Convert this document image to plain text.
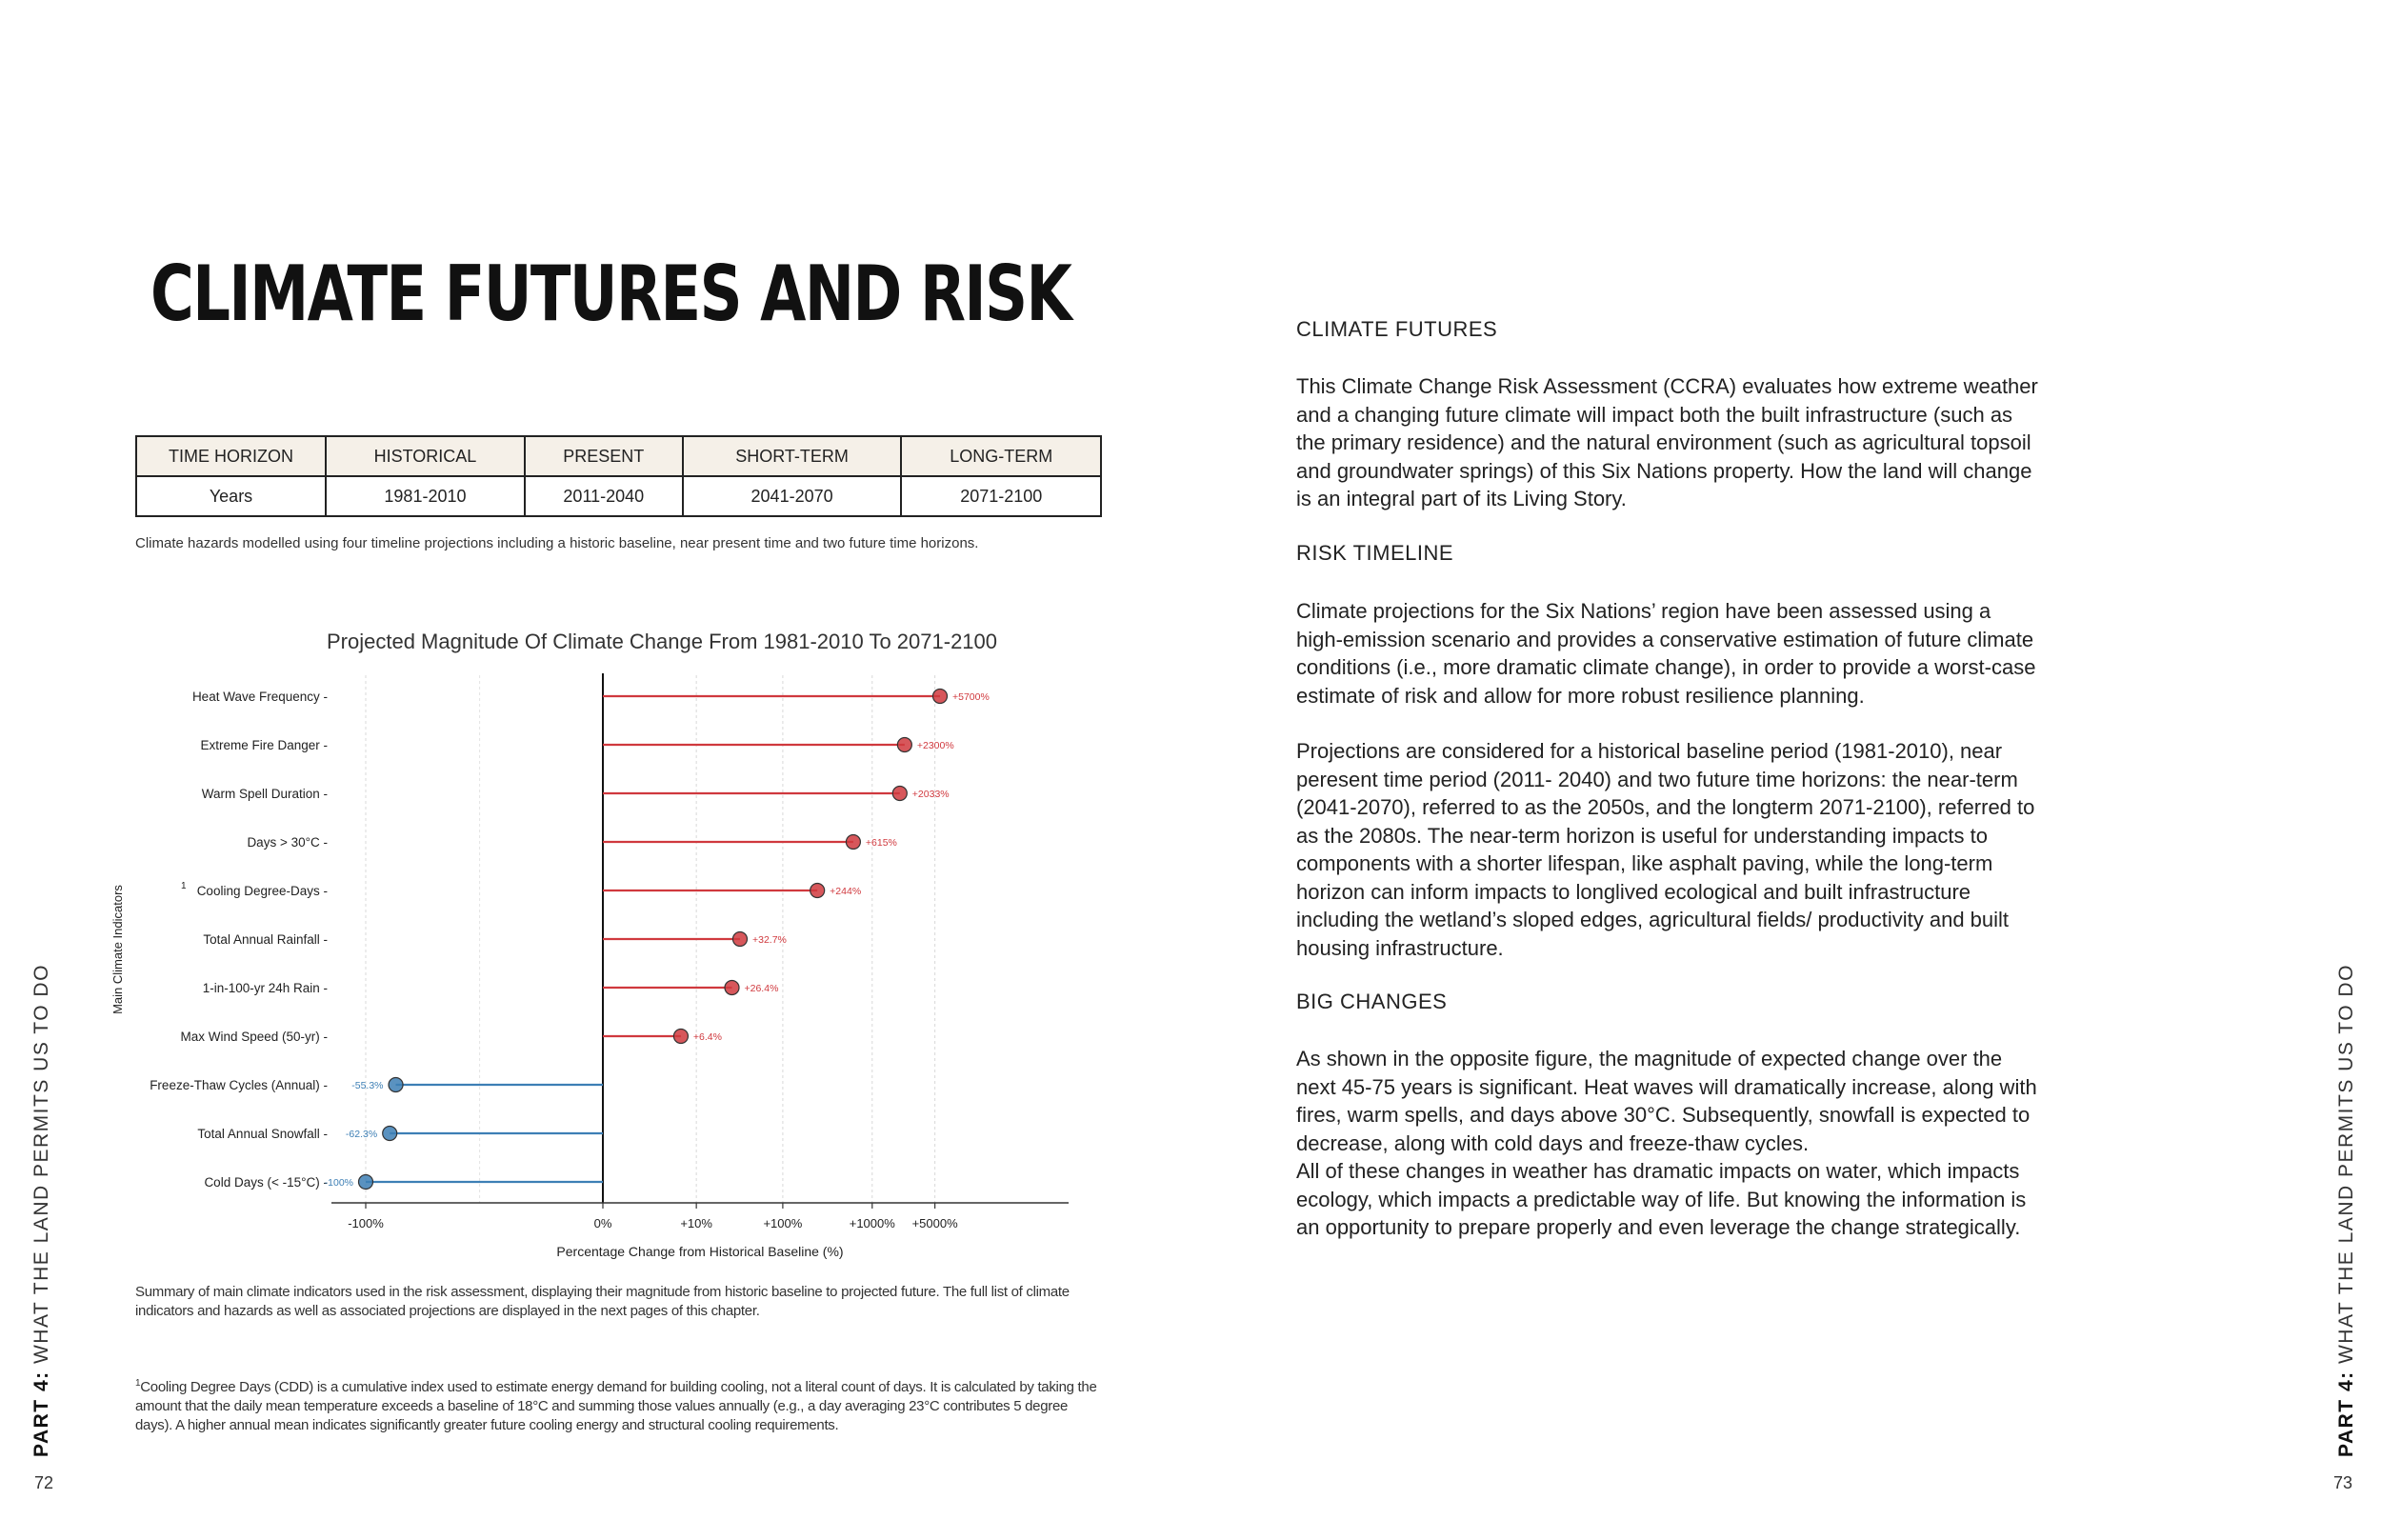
PART 4: WHAT THE LAND PERMITS US TO DO
72
CLIMATE FUTURES AND RISK
TIME HORIZON	HISTORICAL	PRESENT	SHORT-TERM	LONG-TERM
Years	1981-2010	2011-2040	2041-2070	2071-2100
Climate hazards modelled using four timeline projections including a historic baseline, near present time and two future time horizons.
Projected Magnitude Of Climate Change From 1981-2010 To 2071-2100
-100%	0%	+10%	+100%	+1000% +5000%
Percentage Change from Historical Baseline (%)
Main Climate Indicators
Heat Wave Frequency -	+5700%
Extreme Fire Danger -	+2300%
Warm Spell Duration -	+2033%
Days > 30°C -	+615%
Cooling Degree-Days -
1	+244%
Total Annual Rainfall -	+32.7%
1-in-100-yr 24h Rain -	+26.4%
Max Wind Speed (50-yr) -	+6.4%
Freeze-Thaw Cycles (Annual) - -55.3%
Total Annual Snowfall - -62.3%
Cold Days (< -15°C) -
-100%
Summary of main climate indicators used in the risk assessment, displaying their magnitude from historic baseline to projected future. The full list of climate indicators and hazards as well as associated projections are displayed in the next pages of this chapter.
$^1$Cooling Degree Days (CDD) is a cumulative index used to estimate energy demand for building cooling, not a literal count of days. It is calculated by taking the amount that the daily mean temperature exceeds a baseline of 18°C and summing those values annually (e.g., a day averaging 23°C contributes 5 degree days). A higher annual mean indicates significantly greater future cooling energy and structural cooling requirements.	PART 4: WHAT THE LAND PERMITS US TO DO
73
CLIMATE FUTURES

This Climate Change Risk Assessment (CCRA) evaluates how extreme weather and a changing future climate will impact both the built infrastructure (such as the primary residence) and the natural environment (such as agricultural topsoil and groundwater springs) of this Six Nations property. How the land will change is an integral part of its Living Story.

RISK TIMELINE

Climate projections for the Six Nations’ region have been assessed using a high-emission scenario and provides a conservative estimation of future climate conditions (i.e., more dramatic climate change), in order to provide a worst-case estimate of risk and allow for more robust resilience planning.

Projections are considered for a historical baseline period (1981-2010), near peresent time period (2011- 2040) and two future time horizons: the near-term (2041-2070), referred to as the 2050s, and the longterm 2071-2100), referred to as the 2080s. The near-term horizon is useful for understanding impacts to components with a shorter lifespan, like asphalt paving, while the long-term horizon can inform impacts to longlived ecological and built infrastructure including the wetland’s sloped edges, agricultural fields/ productivity and built housing infrastructure.

BIG CHANGES

As shown in the opposite figure, the magnitude of expected change over the next 45-75 years is significant. Heat waves will dramatically increase, along with fires, warm spells, and days above 30°C. Subsequently, snowfall is expected to decrease, along with cold days and freeze-thaw cycles.

All of these changes in weather has dramatic impacts on water, which impacts ecology, which impacts a predictable way of life. But knowing the information is an opportunity to prepare properly and even leverage the change strategically.
